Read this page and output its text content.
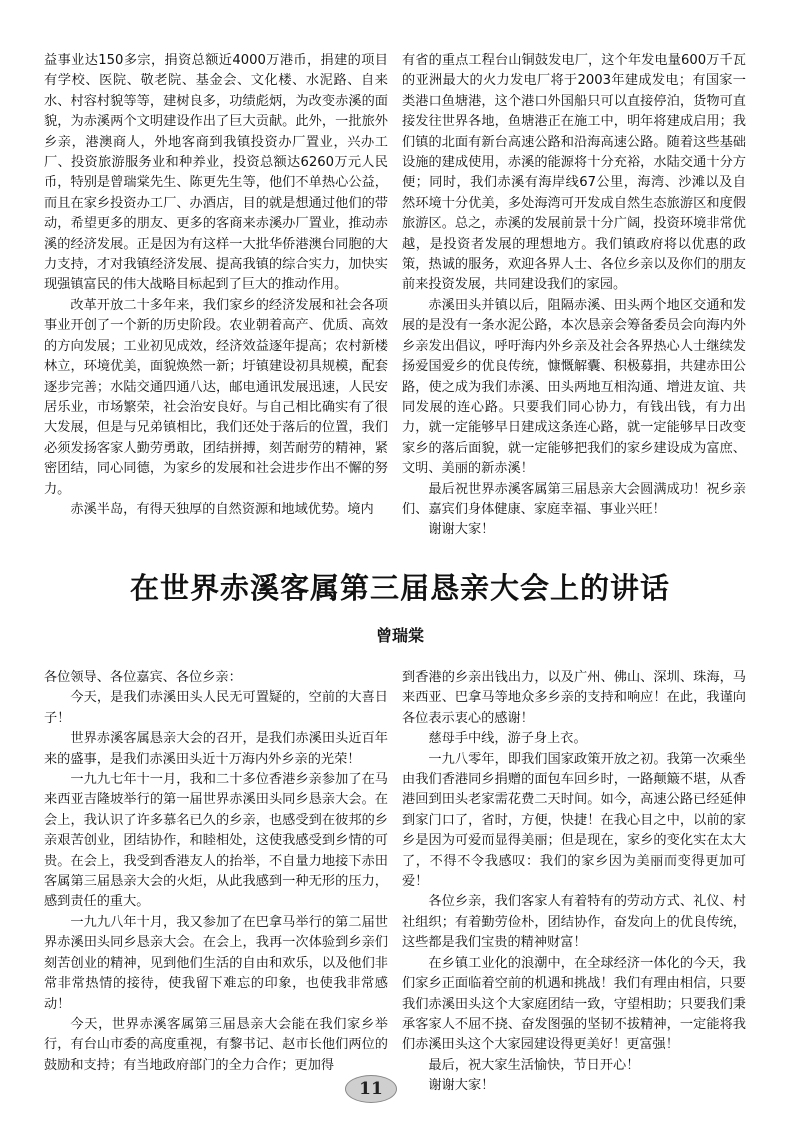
益事业达150多宗，捐资总额近4000万港币，捐建的项目有学校、医院、敬老院、基金会、文化楼、水泥路、自来水、村容村貌等等，建树良多，功绩彪炳，为改变赤溪的面貌，为赤溪两个文明建设作出了巨大贡献。此外，一批旅外乡亲，港澳商人，外地客商到我镇投资办厂置业，兴办工厂、投资旅游服务业和种养业，投资总额达6260万元人民币，特别是曾瑞棠先生、陈更先生等，他们不单热心公益，而且在家乡投资办工厂、办酒店，目的就是想通过他们的带动，希望更多的朋友、更多的客商来赤溪办厂置业，推动赤溪的经济发展。正是因为有这样一大批华侨港澳台同胞的大力支持，才对我镇经济发展、提高我镇的综合实力，加快实现强镇富民的伟大战略目标起到了巨大的推动作用。

改革开放二十多年来，我们家乡的经济发展和社会各项事业开创了一个新的历史阶段。农业朝着高产、优质、高效的方向发展；工业初见成效，经济效益逐年提高；农村新楼林立，环境优美，面貌焕然一新；圩镇建设初具规模，配套逐步完善；水陆交通四通八达，邮电通讯发展迅速，人民安居乐业，市场繁荣，社会治安良好。与自己相比确实有了很大发展，但是与兄弟镇相比，我们还处于落后的位置，我们必须发扬客家人勤劳勇敢，团结拼搏，刻苦耐劳的精神，紧密团结，同心同德，为家乡的发展和社会进步作出不懈的努力。

赤溪半岛，有得天独厚的自然资源和地域优势。境内

有省的重点工程台山铜鼓发电厂，这个年发电量600万千瓦的亚洲最大的火力发电厂将于2003年建成发电；有国家一类港口鱼塘港，这个港口外国船只可以直接停泊，货物可直接发往世界各地，鱼塘港正在施工中，明年将建成启用；我们镇的北面有新台高速公路和沿海高速公路。随着这些基础设施的建成使用，赤溪的能源将十分充裕，水陆交通十分方便；同时，我们赤溪有海岸线67公里，海湾、沙滩以及自然环境十分优美，多处海湾可开发成自然生态旅游区和度假旅游区。总之，赤溪的发展前景十分广阔，投资环境非常优越，是投资者发展的理想地方。我们镇政府将以优惠的政策，热诚的服务，欢迎各界人士、各位乡亲以及你们的朋友前来投资发展，共同建设我们的家园。

赤溪田头并镇以后，阻隔赤溪、田头两个地区交通和发展的是没有一条水泥公路，本次恳亲会筹备委员会向海内外乡亲发出倡议，呼吁海内外乡亲及社会各界热心人士继续发扬爱国爱乡的优良传统，慷慨解囊、积极募捐，共建赤田公路，使之成为我们赤溪、田头两地互相沟通、增进友谊、共同发展的连心路。只要我们同心协力，有钱出钱，有力出力，就一定能够早日建成这条连心路，就一定能够早日改变家乡的落后面貌，就一定能够把我们的家乡建设成为富庶、文明、美丽的新赤溪！

最后祝世界赤溪客属第三届恳亲大会圆满成功！祝乡亲们、嘉宾们身体健康、家庭幸福、事业兴旺！

谢谢大家！

在世界赤溪客属第三届恳亲大会上的讲话
曾瑞棠

各位领导、各位嘉宾、各位乡亲：

今天，是我们赤溪田头人民无可置疑的，空前的大喜日子！

世界赤溪客属恳亲大会的召开，是我们赤溪田头近百年来的盛事，是我们赤溪田头近十万海内外乡亲的光荣！

一九九七年十一月，我和二十多位香港乡亲参加了在马来西亚吉隆坡举行的第一届世界赤溪田头同乡恳亲大会。在会上，我认识了许多慕名已久的乡亲，也感受到在彼邦的乡亲艰苦创业，团结协作，和睦相处，这使我感受到乡情的可贵。在会上，我受到香港友人的抬举，不自量力地接下赤田客属第三届恳亲大会的火炬，从此我感到一种无形的压力，感到责任的重大。

一九九八年十月，我又参加了在巴拿马举行的第二届世界赤溪田头同乡恳亲大会。在会上，我再一次体验到乡亲们刻苦创业的精神，见到他们生活的自由和欢乐，以及他们非常非常热情的接待，使我留下难忘的印象，也使我非常感动！

今天，世界赤溪客属第三届恳亲大会能在我们家乡举行，有台山市委的高度重视，有黎书记、赵市长他们两位的鼓励和支持；有当地政府部门的全力合作；更加得

到香港的乡亲出钱出力，以及广州、佛山、深圳、珠海，马来西亚、巴拿马等地众多乡亲的支持和响应！在此，我谨向各位表示衷心的感谢！

慈母手中线，游子身上衣。

一九八零年，即我们国家政策开放之初。我第一次乘坐由我们香港同乡捐赠的面包车回乡时，一路颠簸不堪，从香港回到田头老家需花费二天时间。如今，高速公路已经延伸到家门口了，省时，方便，快捷！在我心目之中，以前的家乡是因为可爱而显得美丽；但是现在，家乡的变化实在太大了，不得不令我感叹：我们的家乡因为美丽而变得更加可爱！

各位乡亲，我们客家人有着特有的劳动方式、礼仪、村社组织；有着勤劳俭朴，团结协作，奋发向上的优良传统，这些都是我们宝贵的精神财富！

在乡镇工业化的浪潮中，在全球经济一体化的今天，我们家乡正面临着空前的机遇和挑战！我们有理由相信，只要我们赤溪田头这个大家庭团结一致，守望相助；只要我们秉承客家人不屈不挠、奋发图强的坚韧不拔精神，一定能将我们赤溪田头这个大家园建设得更美好！更富强！

最后，祝大家生活愉快，节日开心！

谢谢大家！

11
